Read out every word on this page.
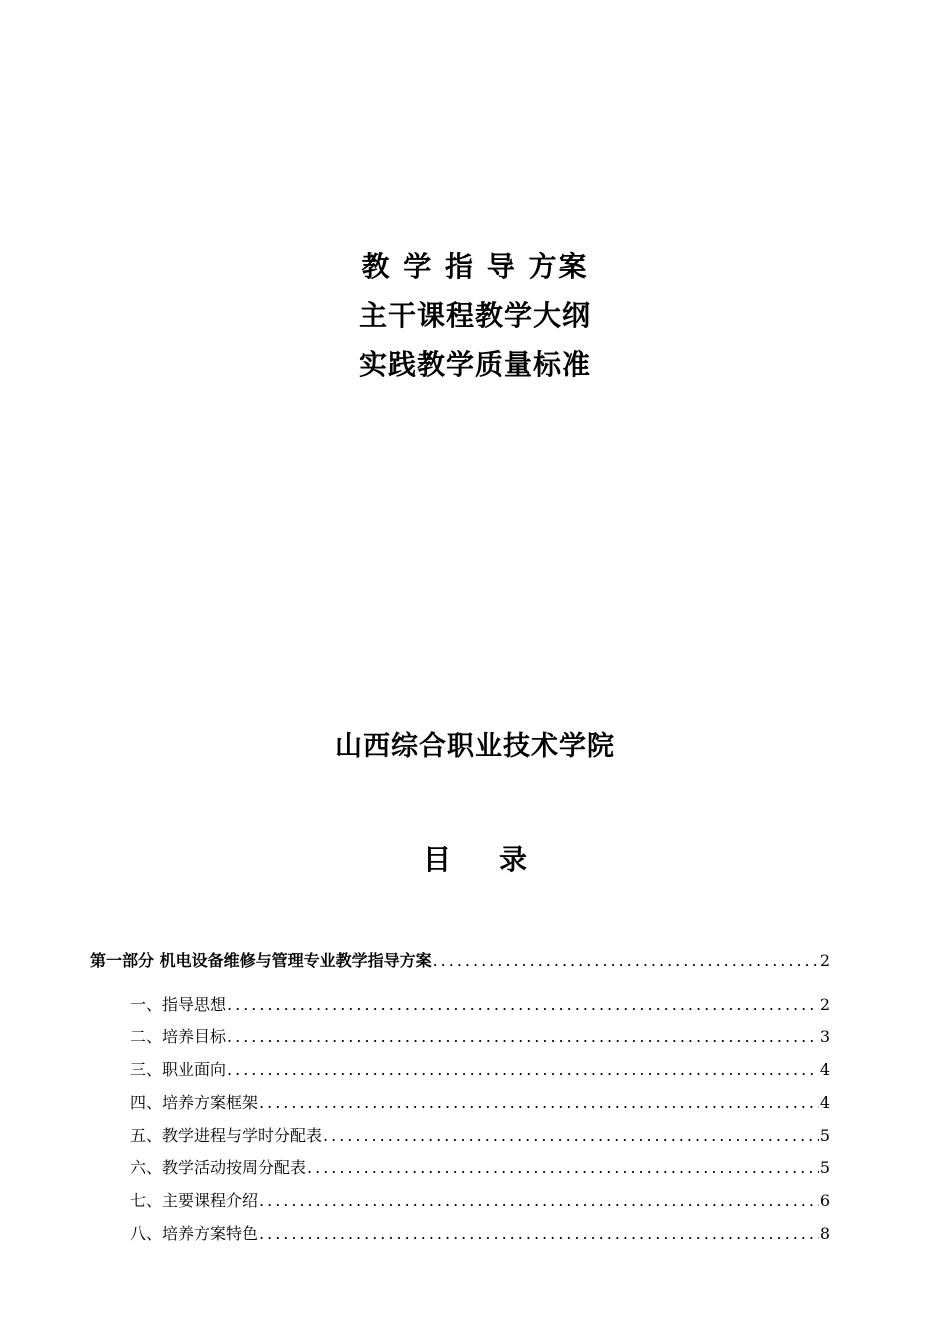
教 学 指 导 方案
主干课程教学大纲
实践教学质量标准
山西综合职业技术学院
目 录
第一部分 机电设备维修与管理专业教学指导方案 .....	2
一、指导思想 .....	2
二、培养目标 .....	3
三、职业面向 .....	4
四、培养方案框架 .....	4
五、教学进程与学时分配表 .....	5
六、教学活动按周分配表 .....	5
七、主要课程介绍 .....	6
八、培养方案特色 .....	8
